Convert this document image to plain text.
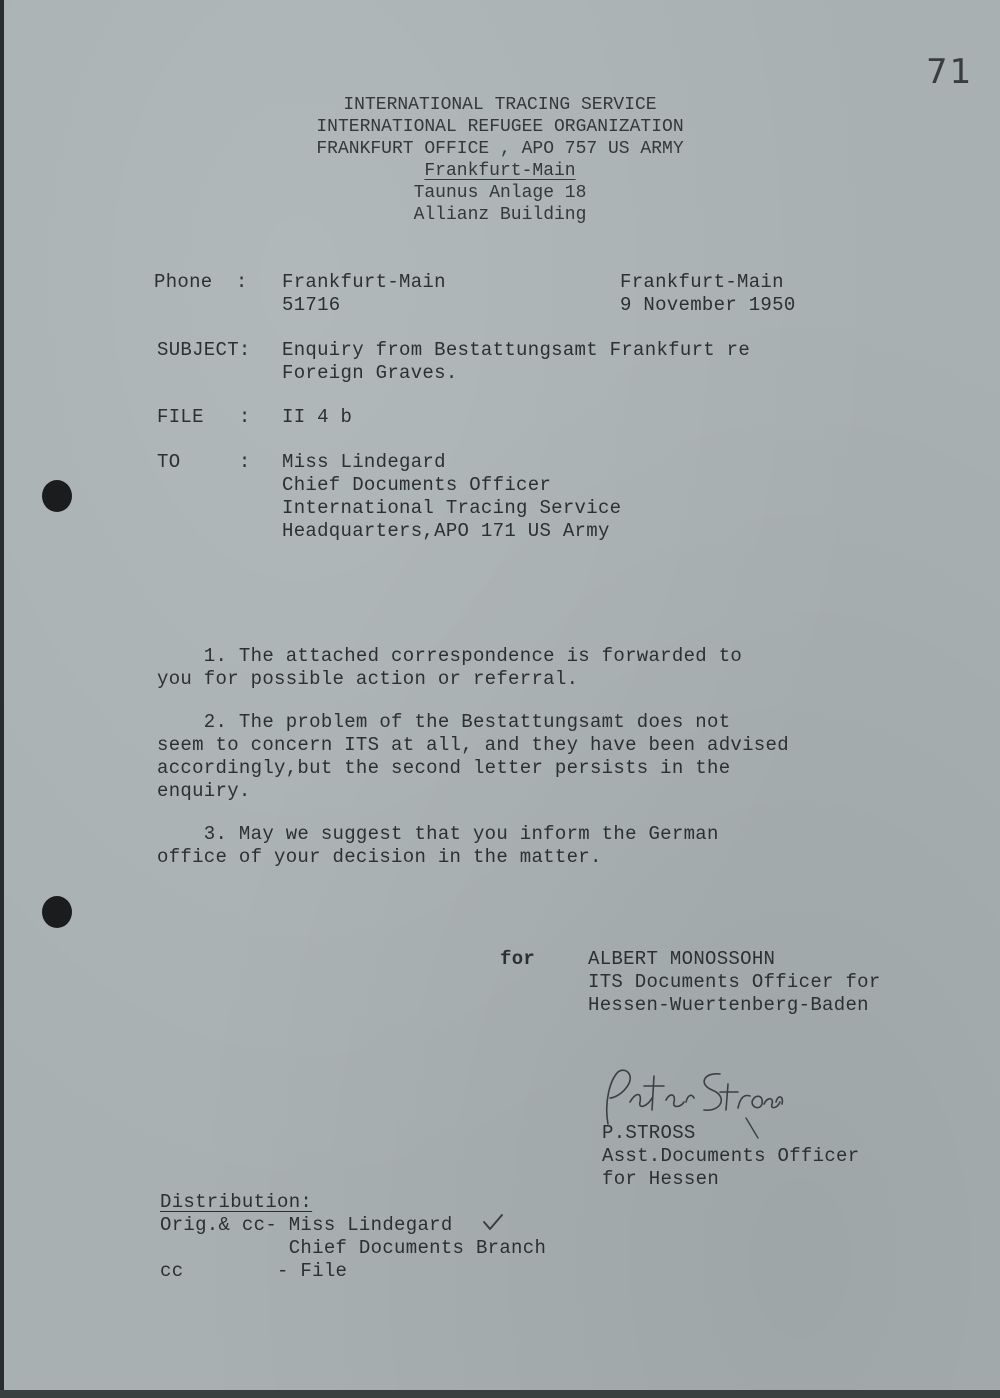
71
INTERNATIONAL TRACING SERVICE
INTERNATIONAL REFUGEE ORGANIZATION
FRANKFURT OFFICE , APO 757 US ARMY
Frankfurt-Main
Taunus Anlage 18
Allianz Building
Phone  : Frankfurt-Main
51716
Frankfurt-Main
9 November 1950
SUBJECT: Enquiry from Bestattungsamt Frankfurt re
Foreign Graves.
FILE   : II 4 b
TO     : Miss Lindegard
Chief Documents Officer
International Tracing Service
Headquarters,APO 171 US Army
1. The attached correspondence is forwarded to
you for possible action or referral.
2. The problem of the Bestattungsamt does not
seem to concern ITS at all, and they have been advised
accordingly,but the second letter persists in the
enquiry.
3. May we suggest that you inform the German
office of your decision in the matter.
for	ALBERT MONOSSOHN
ITS Documents Officer for
Hessen-Wuertenberg-Baden
P.STROSS
Asst.Documents Officer
for Hessen
Distribution:
Orig.& cc- Miss Lindegard
Chief Documents Branch
cc        - File
